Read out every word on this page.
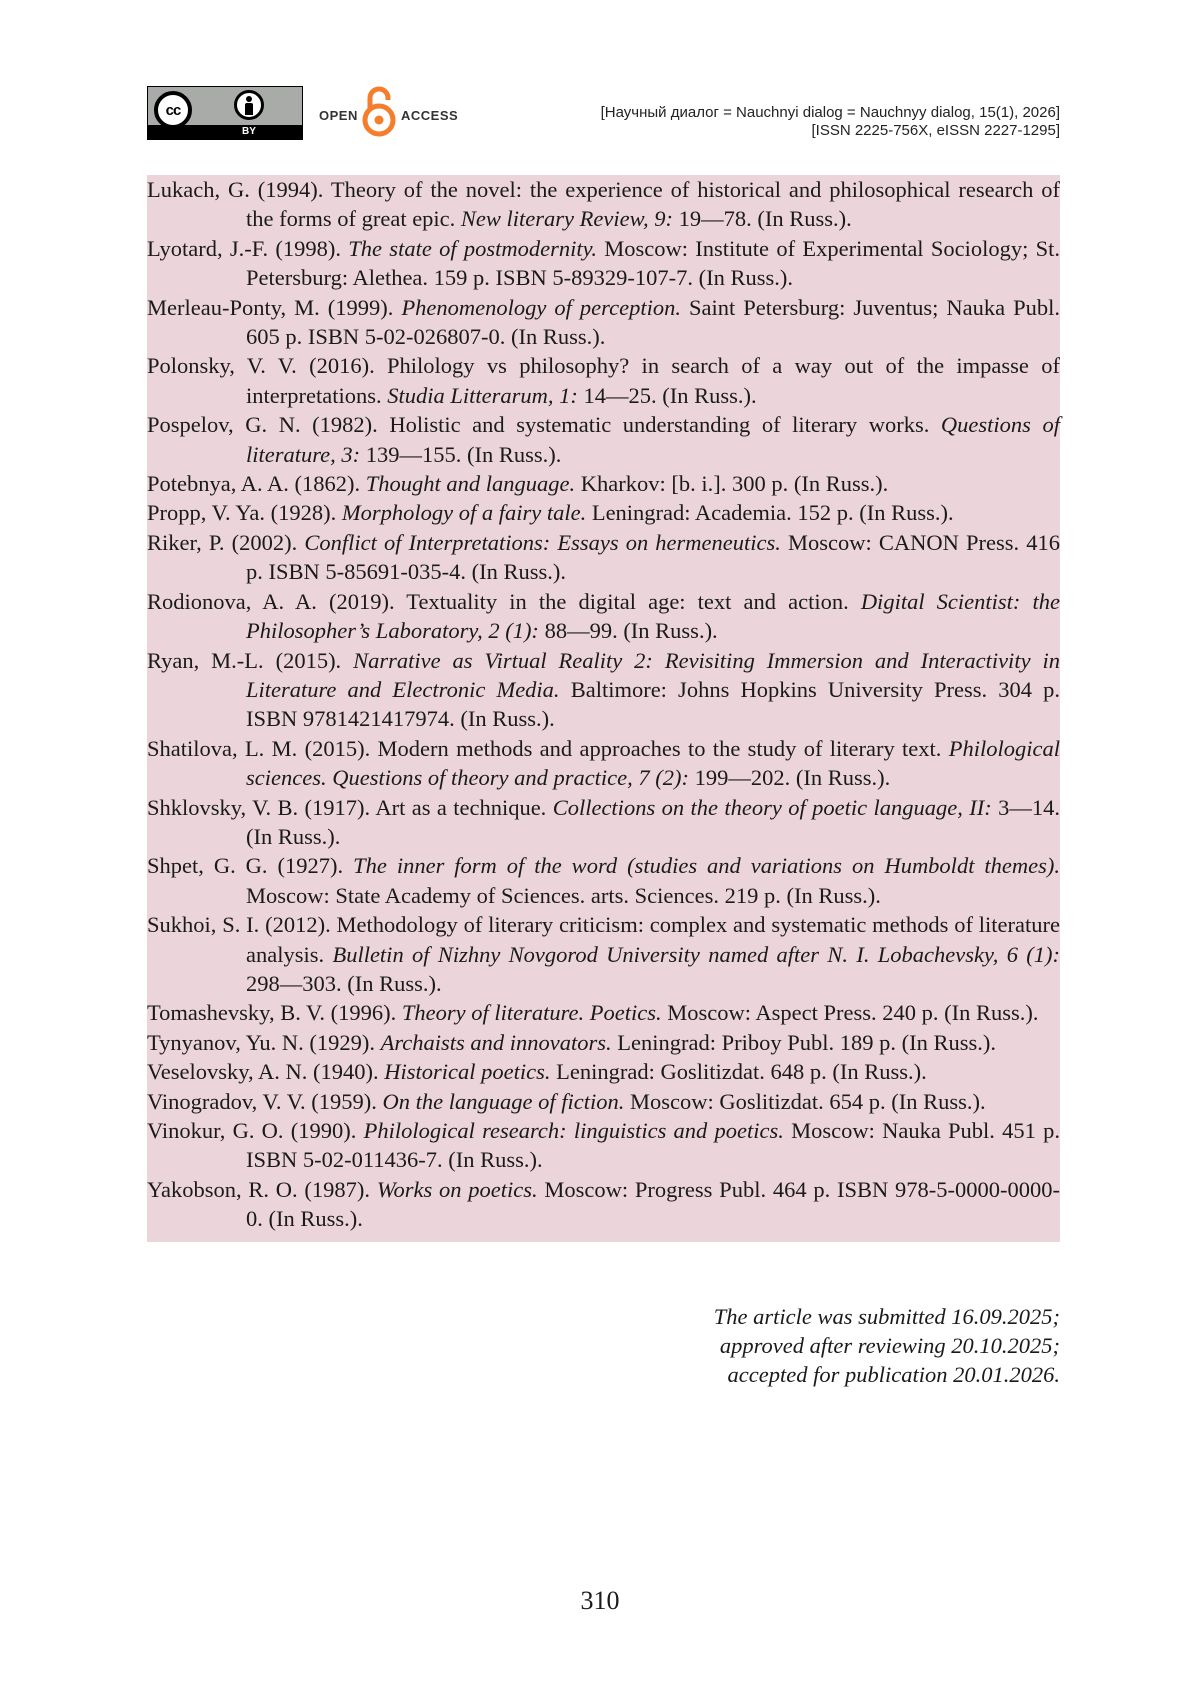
cc
BY
OPEN	ACCESS	[Научный диалог = Nauchnyi dialog = Nauchnyy dialog, 15(1), 2026]
[ISSN 2225-756X, eISSN 2227-1295]

Lukach, G. (1994). Theory of the novel: the experience of historical and philosophical research of the forms of great epic. New literary Review, 9: 19—78. (In Russ.).

Lyotard, J.-F. (1998). The state of postmodernity. Moscow: Institute of Experimental Sociology; St. Petersburg: Alethea. 159 p. ISBN 5-89329-107-7. (In Russ.).

Merleau-Ponty, M. (1999). Phenomenology of perception. Saint Petersburg: Juventus; Nauka Publ. 605 p. ISBN 5-02-026807-0. (In Russ.).

Polonsky, V. V. (2016). Philology vs philosophy? in search of a way out of the impasse of interpretations. Studia Litterarum, 1: 14—25. (In Russ.).

Pospelov, G. N. (1982). Holistic and systematic understanding of literary works. Questions of literature, 3: 139—155. (In Russ.).

Potebnya, A. A. (1862). Thought and language. Kharkov: [b. i.]. 300 p. (In Russ.).

Propp, V. Ya. (1928). Morphology of a fairy tale. Leningrad: Academia. 152 p. (In Russ.).

Riker, P. (2002). Conflict of Interpretations: Essays on hermeneutics. Moscow: CANON Press. 416 p. ISBN 5-85691-035-4. (In Russ.).

Rodionova, A. A. (2019). Textuality in the digital age: text and action. Digital Scientist: the Philosopher’s Laboratory, 2 (1): 88—99. (In Russ.).

Ryan, M.-L. (2015). Narrative as Virtual Reality 2: Revisiting Immersion and Interactivity in Literature and Electronic Media. Baltimore: Johns Hopkins University Press. 304 p. ISBN 9781421417974. (In Russ.).

Shatilova, L. M. (2015). Modern methods and approaches to the study of literary text. Philological sciences. Questions of theory and practice, 7 (2): 199—202. (In Russ.).

Shklovsky, V. B. (1917). Art as a technique. Collections on the theory of poetic language, II: 3—14. (In Russ.).

Shpet, G. G. (1927). The inner form of the word (studies and variations on Humboldt themes). Moscow: State Academy of Sciences. arts. Sciences. 219 p. (In Russ.).

Sukhoi, S. I. (2012). Methodology of literary criticism: complex and systematic methods of literature analysis. Bulletin of Nizhny Novgorod University named after N. I. Lobachevsky, 6 (1): 298—303. (In Russ.).

Tomashevsky, B. V. (1996). Theory of literature. Poetics. Moscow: Aspect Press. 240 p. (In Russ.).

Tynyanov, Yu. N. (1929). Archaists and innovators. Leningrad: Priboy Publ. 189 p. (In Russ.).

Veselovsky, A. N. (1940). Historical poetics. Leningrad: Goslitizdat. 648 p. (In Russ.).

Vinogradov, V. V. (1959). On the language of fiction. Moscow: Goslitizdat. 654 p. (In Russ.).

Vinokur, G. O. (1990). Philological research: linguistics and poetics. Moscow: Nauka Publ. 451 p. ISBN 5-02-011436-7. (In Russ.).

Yakobson, R. O. (1987). Works on poetics. Moscow: Progress Publ. 464 p. ISBN 978-5-0000-0000-0. (In Russ.).

The article was submitted 16.09.2025;
approved after reviewing 20.10.2025;
accepted for publication 20.01.2026.
310
